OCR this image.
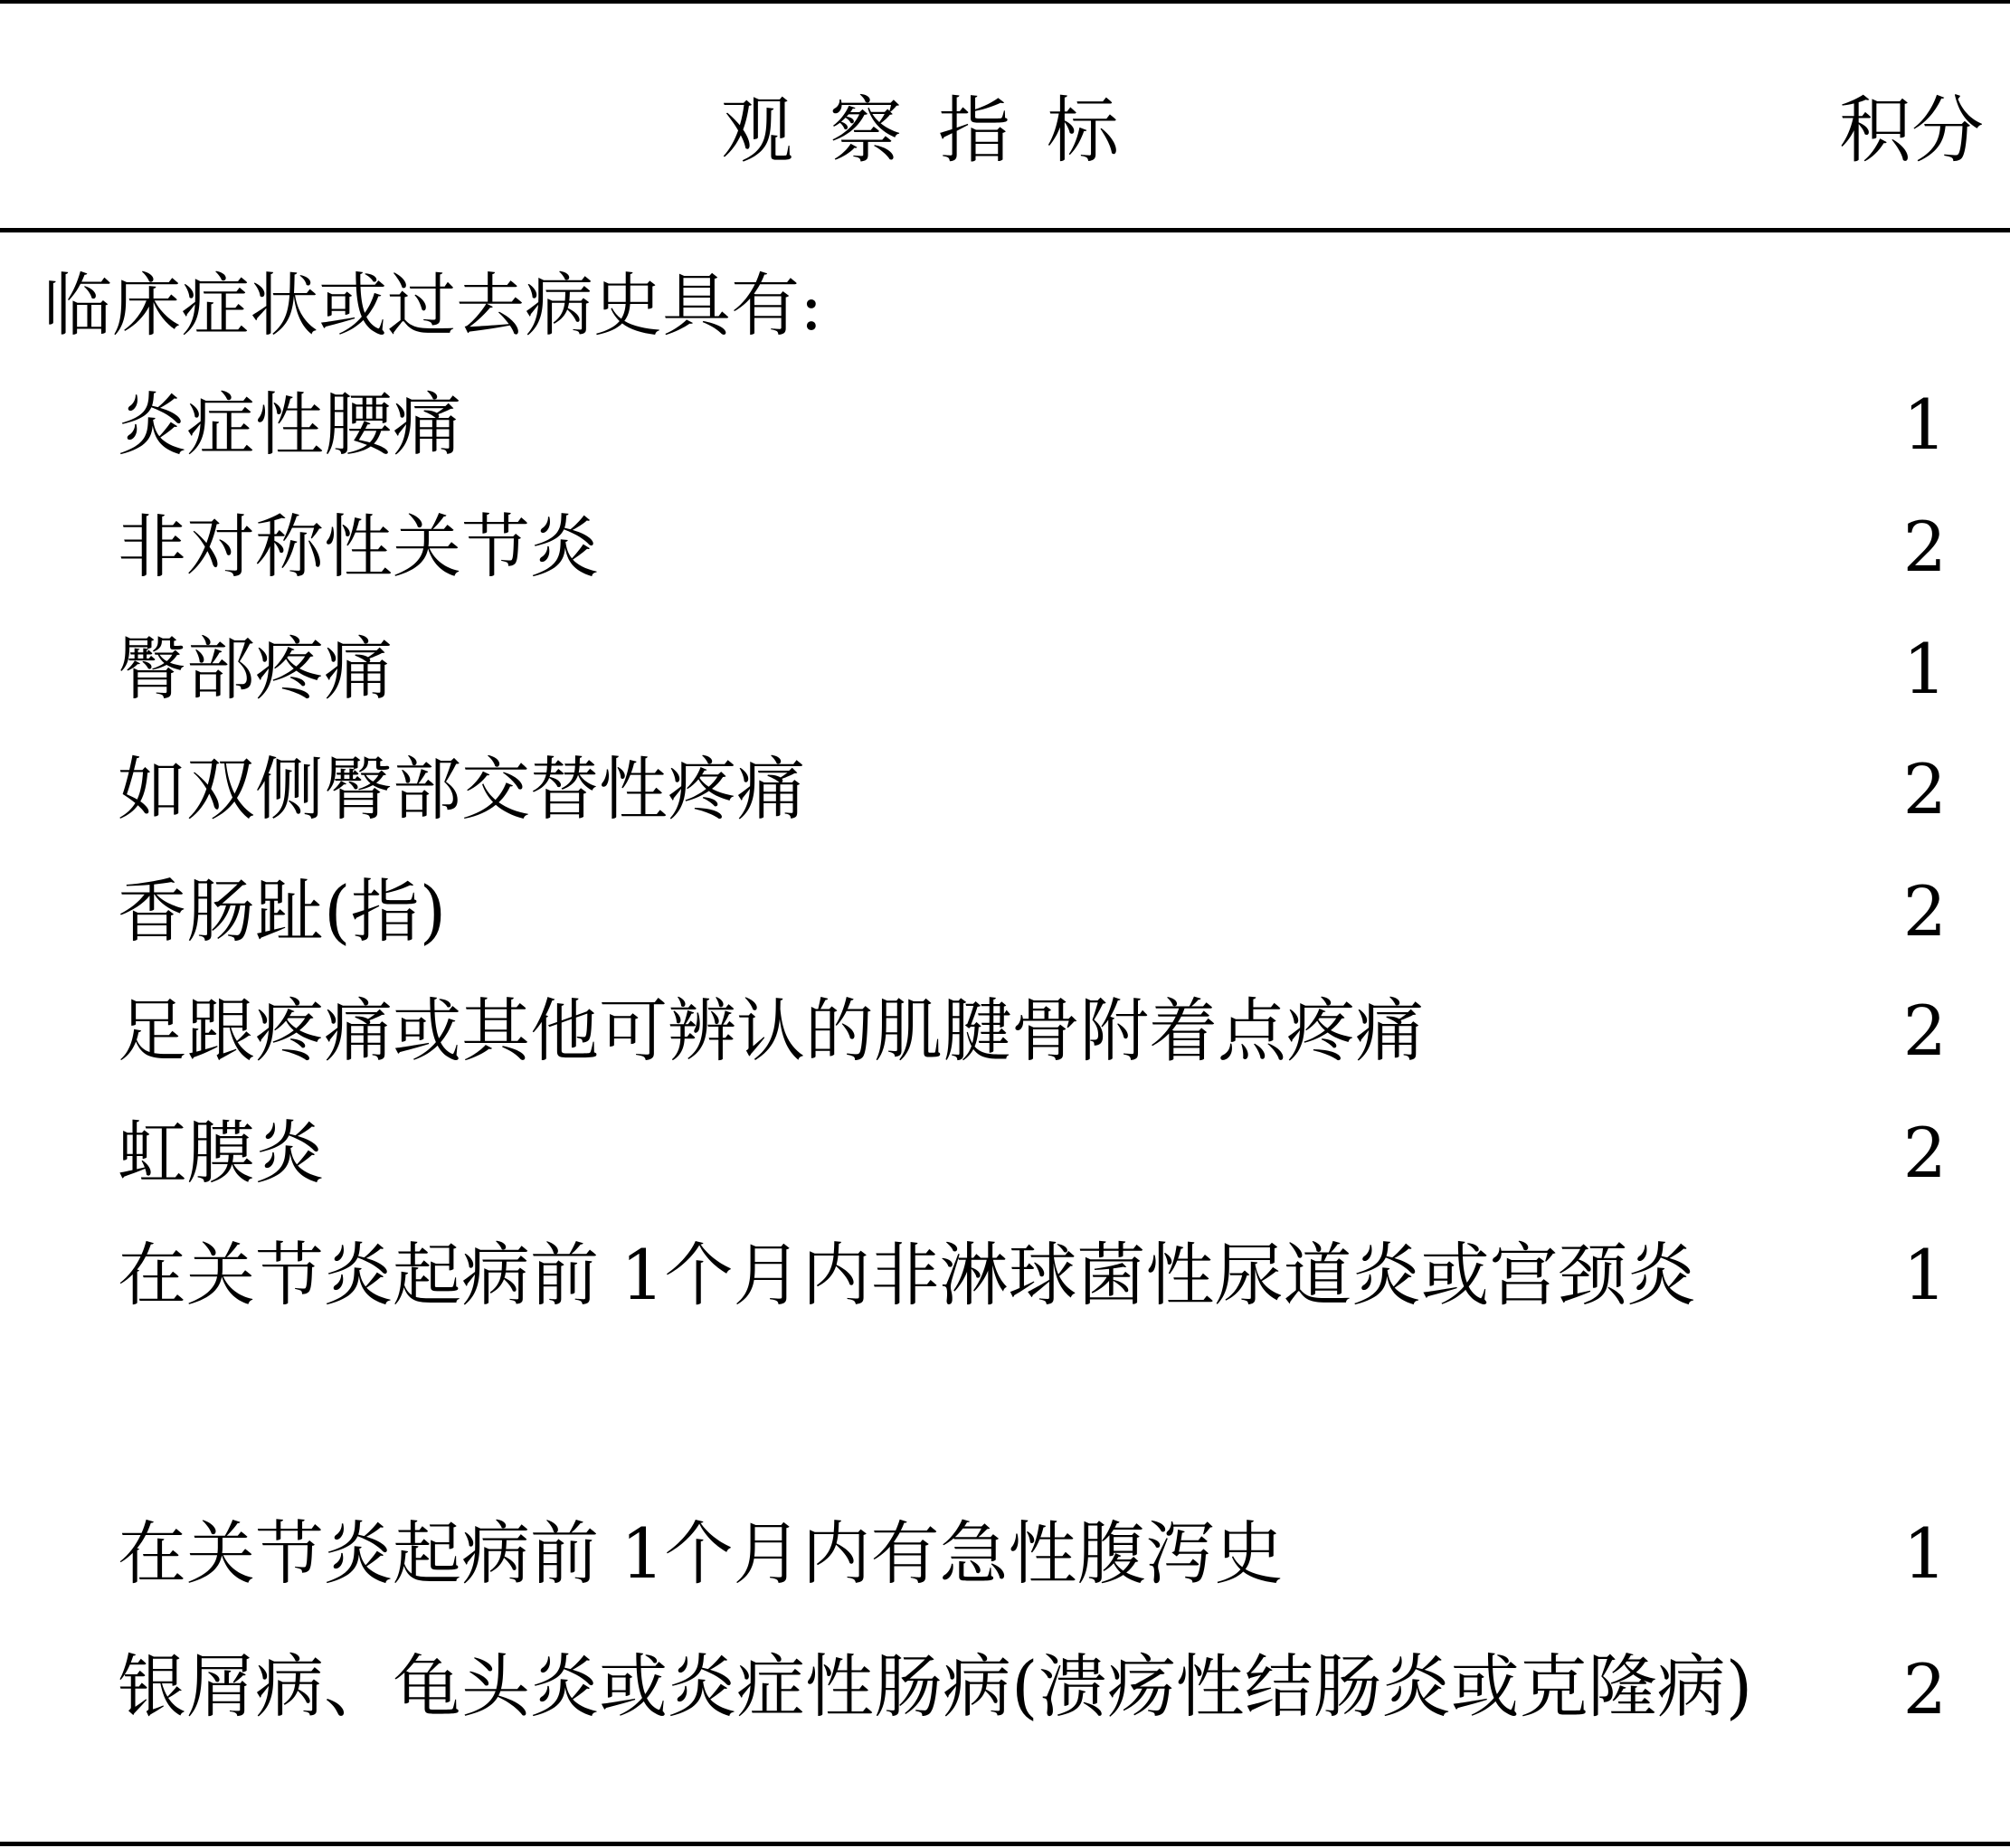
观察指标	积分
临床症状或过去病史具有:
炎症性腰痛	1
非对称性关节炎	2
臀部疼痛	1
如双侧臀部交替性疼痛	2
香肠趾(指)	2
足跟疼痛或其他可辨认的肌腱骨附着点疼痛	2
虹膜炎	2
在关节炎起病前 1个月内非淋球菌性尿道炎或宫颈炎	1
在关节炎起病前 1个月内有急性腹泻史	1
银屑病、龟头炎或炎症性肠病(溃疡性结肠炎或克隆病)	2
